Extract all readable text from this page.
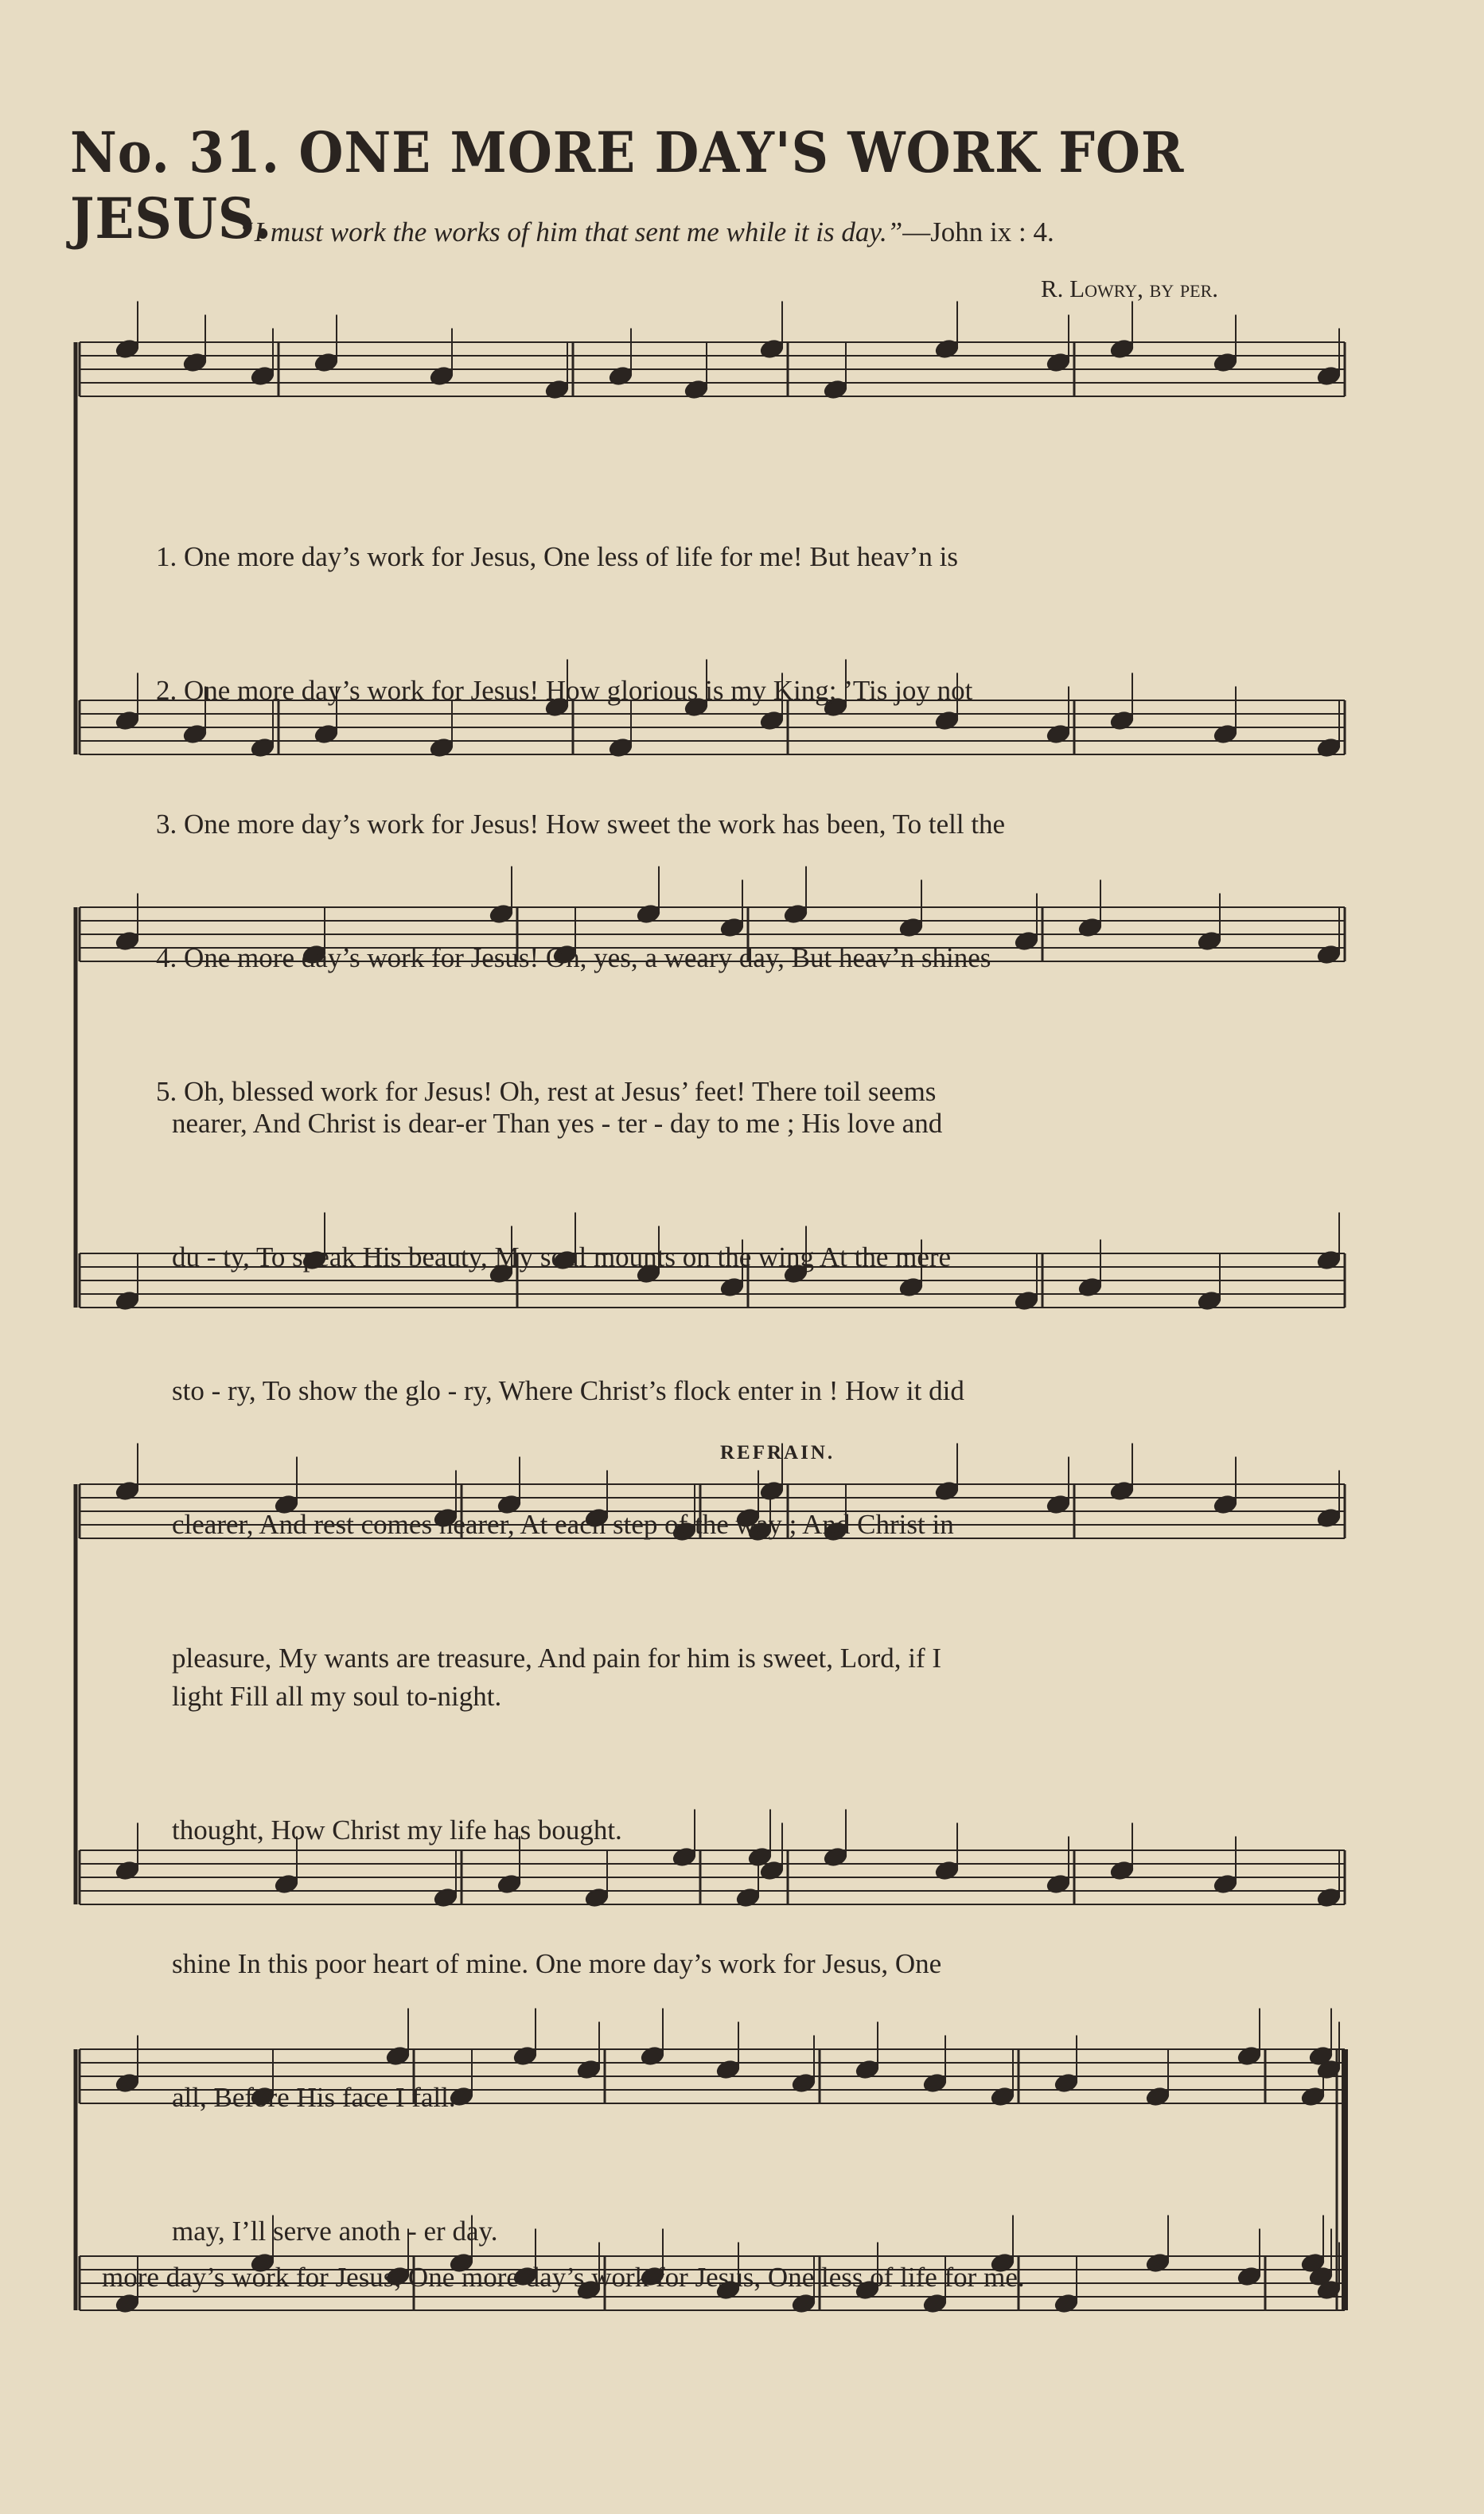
No. 31. ONE MORE DAY'S WORK FOR JESUS.
“I must work the works of him that sent me while it is day.”—John ix : 4.
R. Lowry, by per.

1. One more day’s work for Jesus, One less of life for me! But heav’n is

2. One more day’s work for Jesus! How glorious is my King; ’Tis joy not

3. One more day’s work for Jesus! How sweet the work has been, To tell the

4. One more day’s work for Jesus! Oh, yes, a weary day, But heav’n shines

5. Oh, blessed work for Jesus! Oh, rest at Jesus’ feet! There toil seems

nearer, And Christ is dear-er Than yes - ter - day to me ; His love and

du - ty, To speak His beauty, My soul mounts on the wing At the mere

sto - ry, To show the glo - ry, Where Christ’s flock enter in ! How it did

clearer, And rest comes nearer, At each step of the way ; And Christ in

pleasure, My wants are treasure, And pain for him is sweet, Lord, if I

REFRAIN.

light Fill all my soul to-night.

thought, How Christ my life has bought.

shine In this poor heart of mine. One more day’s work for Jesus, One

all, Before His face I fall.

may, I’ll serve anoth - er day.

more day’s work for Jesus, One more day’s work for Jesus, One less of life for me.
